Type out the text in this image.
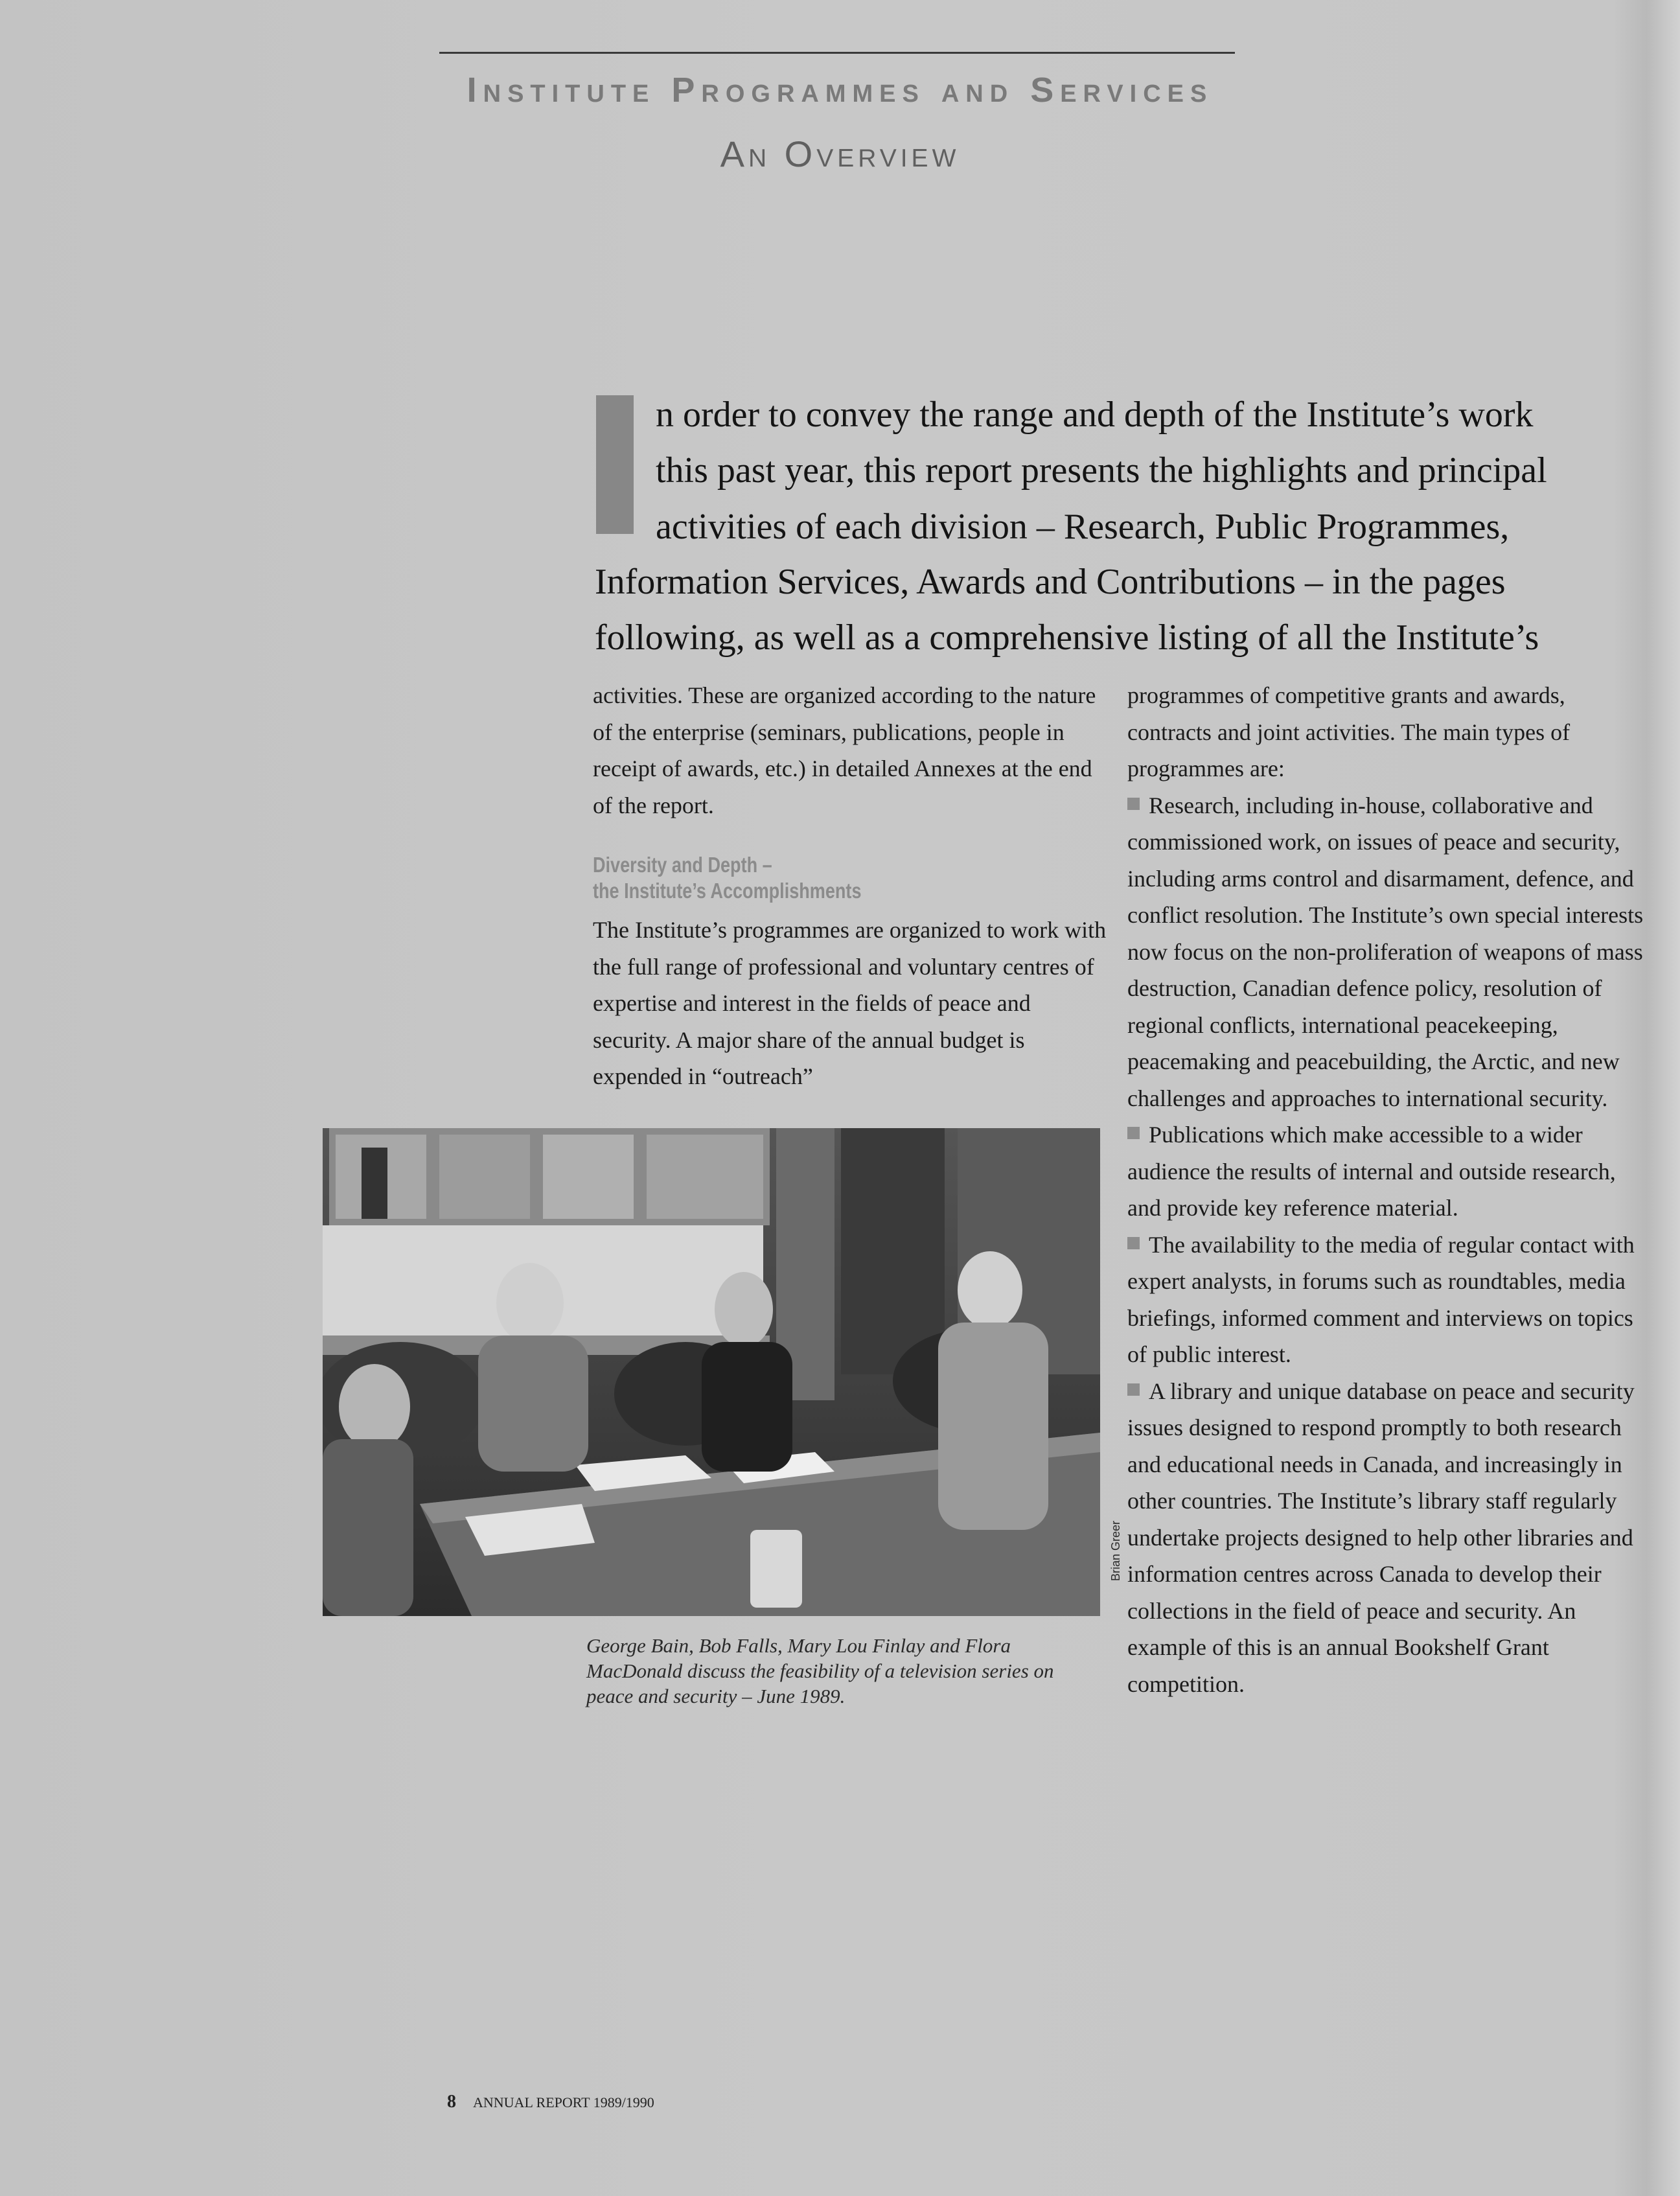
Institute Programmes and Services
An Overview
n order to convey the range and depth of the Institute’s work
this past year, this report presents the highlights and principal
activities of each division – Research, Public Programmes,
Information Services, Awards and Contributions – in the pages
following, as well as a comprehensive listing of all the Institute’s

activities. These are organized according to the nature of the enterprise (seminars, publications, people in receipt of awards, etc.) in detailed Annexes at the end of the report.

Diversity and Depth –
the Institute’s Accomplishments

The Institute’s programmes are organized to work with the full range of professional and voluntary centres of expertise and interest in the fields of peace and security. A major share of the annual budget is expended in “outreach”

programmes of competitive grants and awards, contracts and joint activities. The main types of programmes are:

Research, including in-house, collaborative and commissioned work, on issues of peace and security, including arms control and disarmament, defence, and conflict resolution. The Institute’s own special interests now focus on the non-proliferation of weapons of mass destruction, Canadian defence policy, resolution of regional conflicts, international peacekeeping, peacemaking and peacebuilding, the Arctic, and new challenges and approaches to international security.

Publications which make accessible to a wider audience the results of internal and outside research, and provide key reference material.

The availability to the media of regular contact with expert analysts, in forums such as roundtables, media briefings, informed comment and interviews on topics of public interest.

A library and unique database on peace and security issues designed to respond promptly to both research and educational needs in Canada, and increasingly in other countries. The Institute’s library staff regularly undertake projects designed to help other libraries and information centres across Canada to develop their collections in the field of peace and security. An example of this is an annual Bookshelf Grant competition.

Brian Greer

George Bain, Bob Falls, Mary Lou Finlay and Flora MacDonald discuss the feasibility of a television series on peace and security – June 1989.

8 ANNUAL REPORT 1989/1990
